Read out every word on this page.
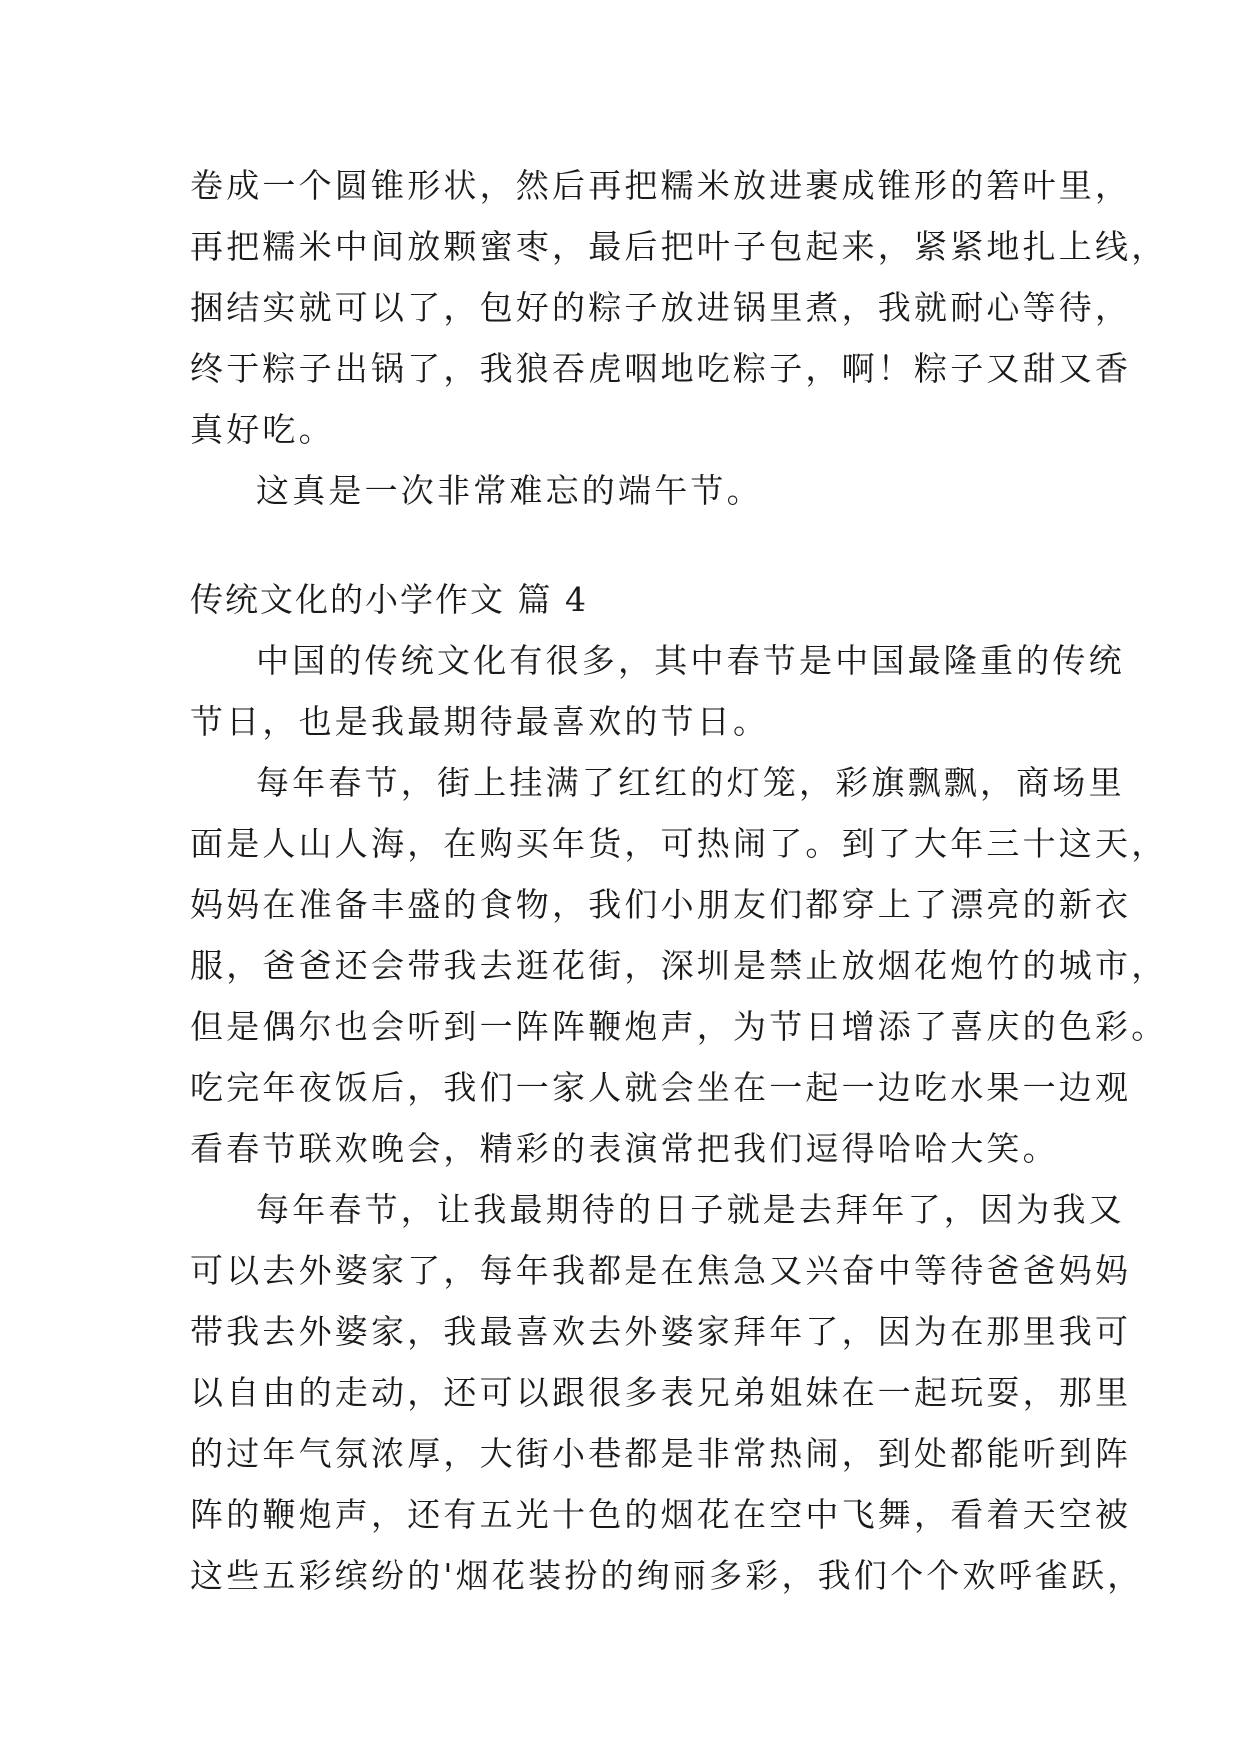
卷成一个圆锥形状，然后再把糯米放进裹成锥形的箬叶里，
再把糯米中间放颗蜜枣，最后把叶子包起来，紧紧地扎上线，
捆结实就可以了，包好的粽子放进锅里煮，我就耐心等待，
终于粽子出锅了，我狼吞虎咽地吃粽子，啊！粽子又甜又香
真好吃。
这真是一次非常难忘的端午节。
传统文化的小学作文 篇 4
中国的传统文化有很多，其中春节是中国最隆重的传统
节日，也是我最期待最喜欢的节日。
每年春节，街上挂满了红红的灯笼，彩旗飘飘，商场里
面是人山人海，在购买年货，可热闹了。到了大年三十这天，
妈妈在准备丰盛的食物，我们小朋友们都穿上了漂亮的新衣
服，爸爸还会带我去逛花街，深圳是禁止放烟花炮竹的城市，
但是偶尔也会听到一阵阵鞭炮声，为节日增添了喜庆的色彩。
吃完年夜饭后，我们一家人就会坐在一起一边吃水果一边观
看春节联欢晚会，精彩的表演常把我们逗得哈哈大笑。
每年春节，让我最期待的日子就是去拜年了，因为我又
可以去外婆家了，每年我都是在焦急又兴奋中等待爸爸妈妈
带我去外婆家，我最喜欢去外婆家拜年了，因为在那里我可
以自由的走动，还可以跟很多表兄弟姐妹在一起玩耍，那里
的过年气氛浓厚，大街小巷都是非常热闹，到处都能听到阵
阵的鞭炮声，还有五光十色的烟花在空中飞舞，看着天空被
这些五彩缤纷的'烟花装扮的绚丽多彩，我们个个欢呼雀跃，
